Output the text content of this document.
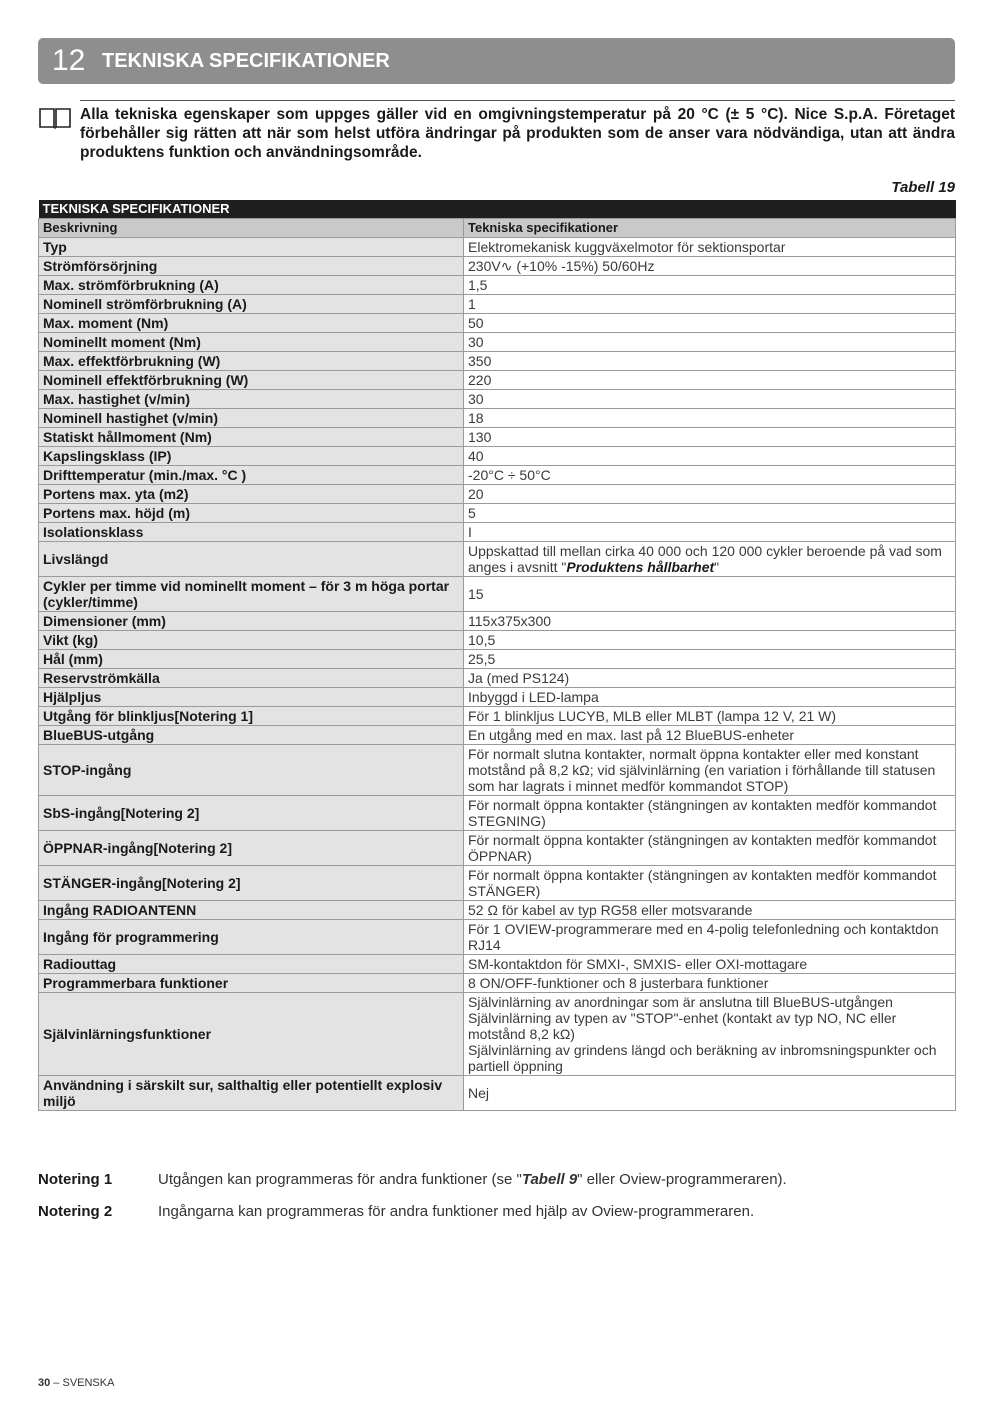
12 TEKNISKA SPECIFIKATIONER

Alla tekniska egenskaper som uppges gäller vid en omgivningstemperatur på 20 °C (± 5 °C). Nice S.p.A. Företaget förbehåller sig rätten att när som helst utföra ändringar på produkten som de anser vara nödvändiga, utan att ändra produktens funktion och användningsområde.

Tabell 19
TEKNISKA SPECIFIKATIONER	
Beskrivning	Tekniska specifikationer
Typ	Elektromekanisk kuggväxelmotor för sektionsportar
Strömförsörjning	230V∿ (+10% -15%) 50/60Hz
Max. strömförbrukning (A)	1,5
Nominell strömförbrukning (A)	1
Max. moment (Nm)	50
Nominellt moment (Nm)	30
Max. effektförbrukning (W)	350
Nominell effektförbrukning (W)	220
Max. hastighet (v/min)	30
Nominell hastighet (v/min)	18
Statiskt hållmoment (Nm)	130
Kapslingsklass (IP)	40
Drifttemperatur (min./max. °C )	-20°C ÷ 50°C
Portens max. yta (m2)	20
Portens max. höjd (m)	5
Isolationsklass	I
Livslängd	Uppskattad till mellan cirka 40 000 och 120 000 cykler beroende på vad som anges i avsnitt "Produktens hållbarhet"
Cykler per timme vid nominellt moment – för 3 m höga portar (cykler/timme)	15
Dimensioner (mm)	115x375x300
Vikt (kg)	10,5
Hål (mm)	25,5
Reservströmkälla	Ja (med PS124)
Hjälpljus	Inbyggd i LED-lampa
Utgång för blinkljus[Notering 1]	För 1 blinkljus LUCYB, MLB eller MLBT (lampa 12 V, 21 W)
BlueBUS-utgång	En utgång med en max. last på 12 BlueBUS-enheter
STOP-ingång	För normalt slutna kontakter, normalt öppna kontakter eller med konstant motstånd på 8,2 kΩ; vid självinlärning (en variation i förhållande till statusen som har lagrats i minnet medför kommandot STOP)
SbS-ingång[Notering 2]	För normalt öppna kontakter (stängningen av kontakten medför kommandot STEGNING)
ÖPPNAR-ingång[Notering 2]	För normalt öppna kontakter (stängningen av kontakten medför kommandot ÖPPNAR)
STÄNGER-ingång[Notering 2]	För normalt öppna kontakter (stängningen av kontakten medför kommandot STÄNGER)
Ingång RADIOANTENN	52 Ω för kabel av typ RG58 eller motsvarande
Ingång för programmering	För 1 OVIEW-programmerare med en 4-polig telefonledning och kontaktdon RJ14
Radiouttag	SM-kontaktdon för SMXI-, SMXIS- eller OXI-mottagare
Programmerbara funktioner	8 ON/OFF-funktioner och 8 justerbara funktioner
Självinlärningsfunktioner	Självinlärning av anordningar som är anslutna till BlueBUS-utgången
Självinlärning av typen av "STOP"-enhet (kontakt av typ NO, NC eller motstånd 8,2 kΩ)
Självinlärning av grindens längd och beräkning av inbromsningspunkter och partiell öppning
Användning i särskilt sur, salthaltig eller potentiellt explosiv miljö	Nej
Notering 1	Utgången kan programmeras för andra funktioner (se "Tabell 9" eller Oview-programmeraren).
Notering 2	Ingångarna kan programmeras för andra funktioner med hjälp av Oview-programmeraren.
30 – SVENSKA
